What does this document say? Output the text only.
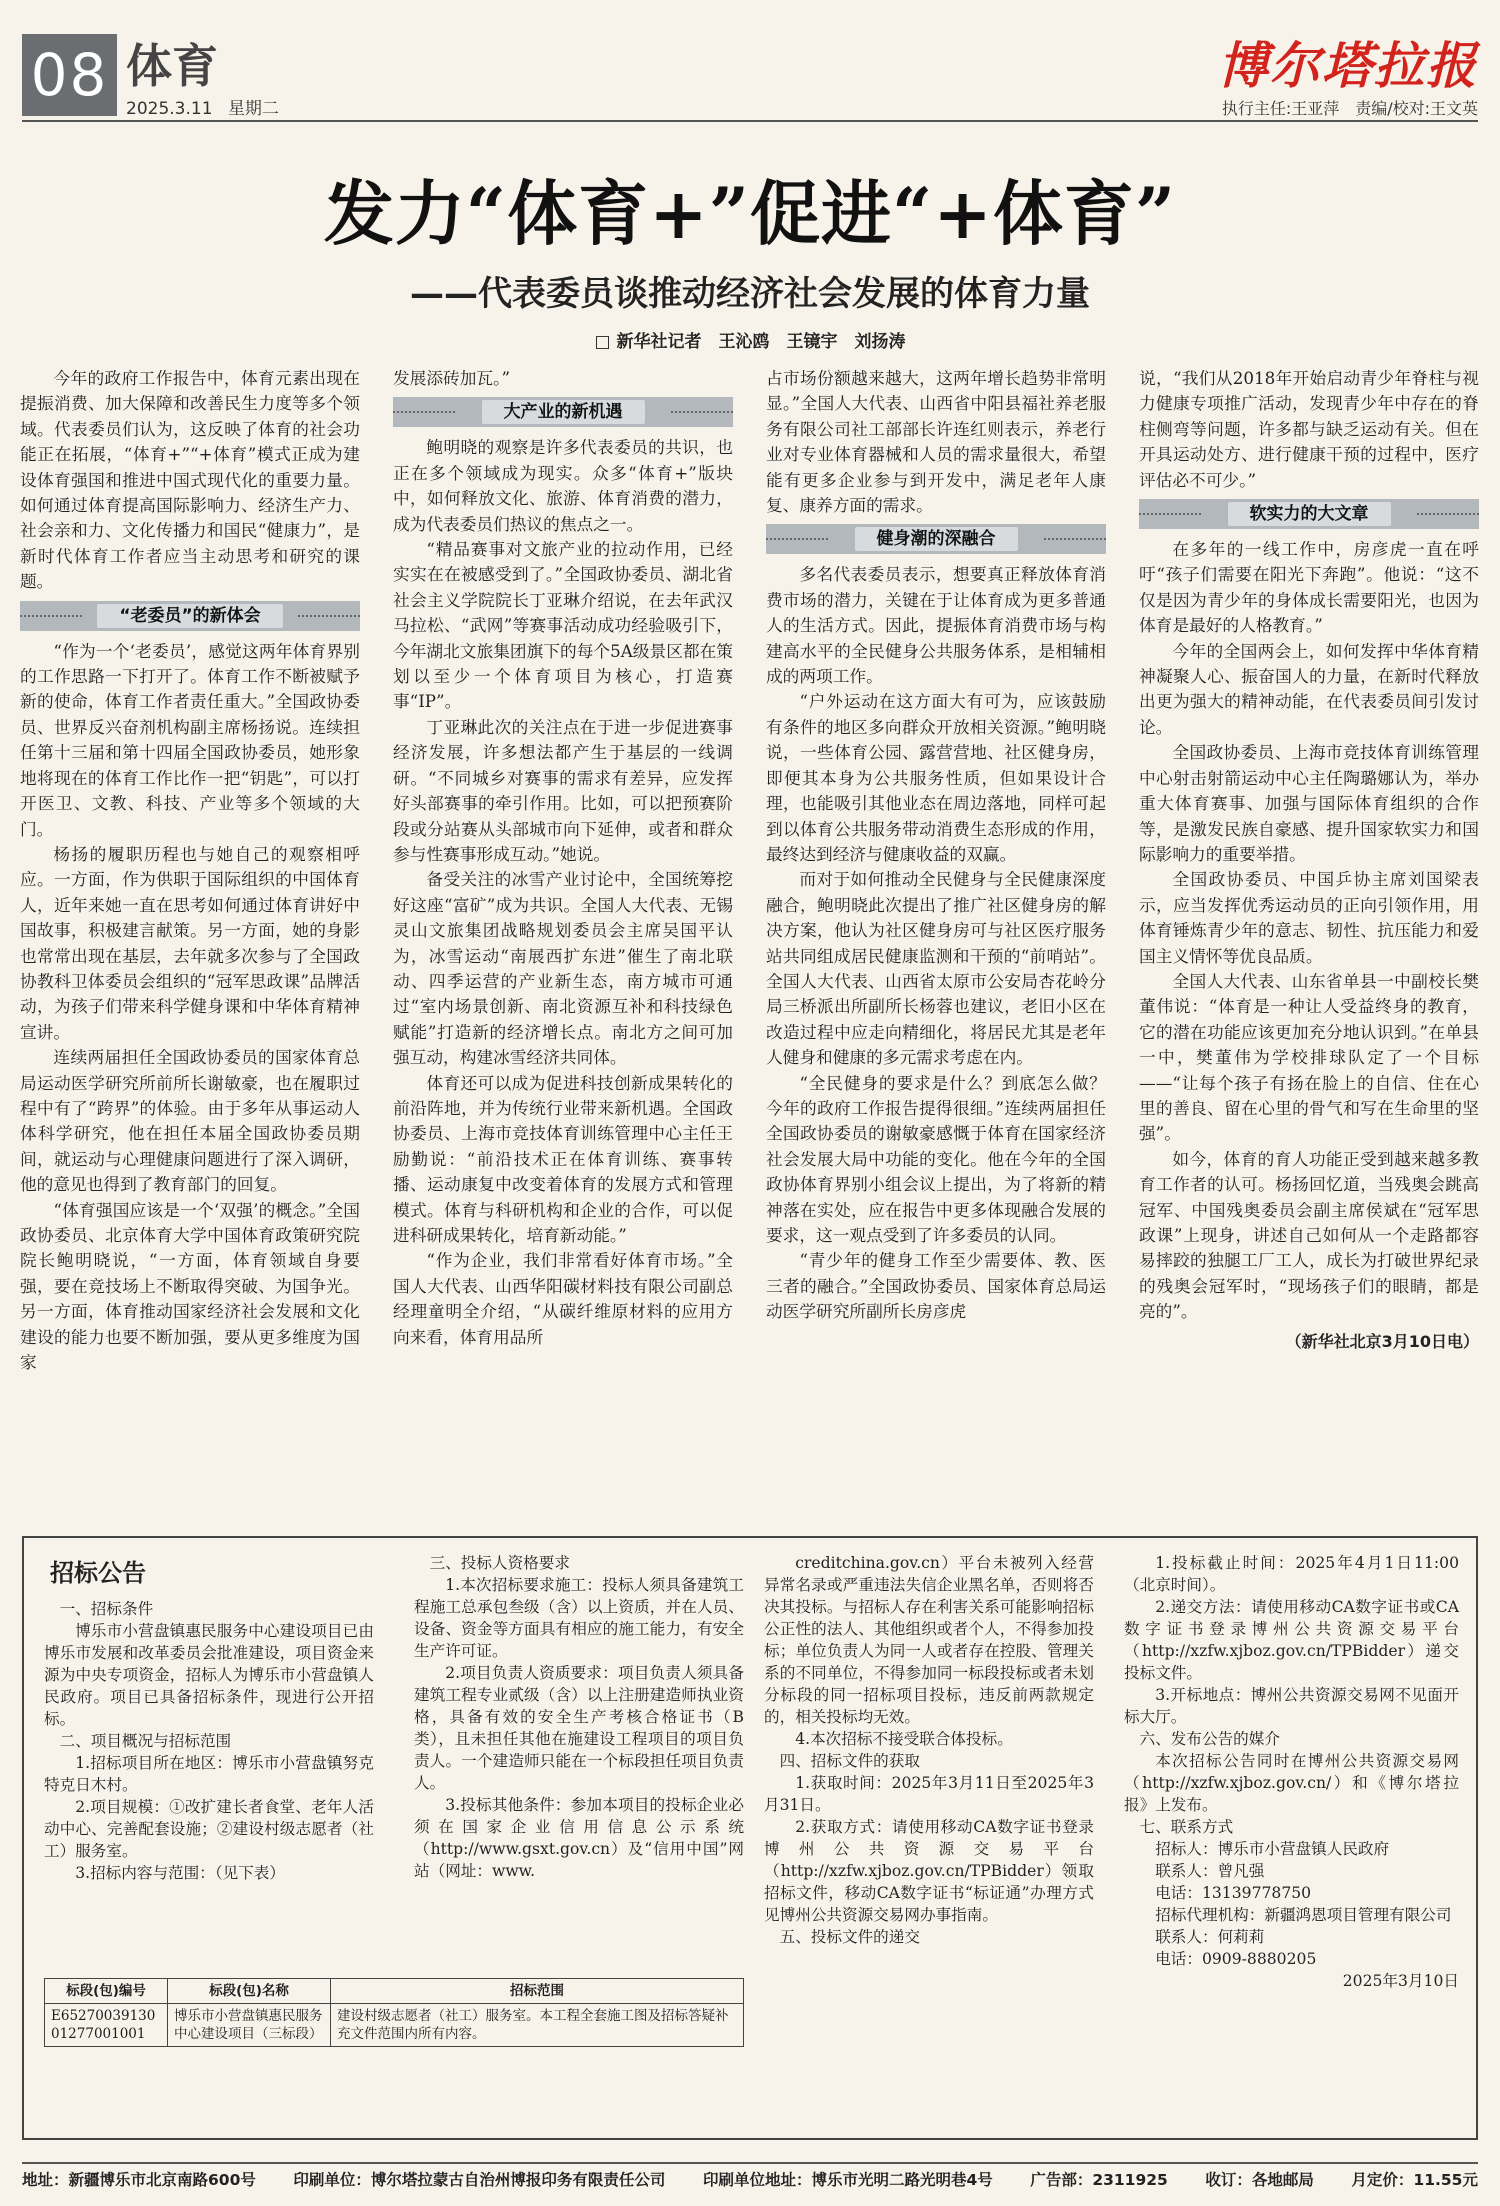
08 体育
2025.3.11 星期二
博尔塔拉报
执行主任:王亚萍　责编/校对:王文英
发力“体育+”促进“+体育”
——代表委员谈推动经济社会发展的体育力量
□ 新华社记者　王沁鸥　王镜宇　刘扬涛

今年的政府工作报告中，体育元素出现在提振消费、加大保障和改善民生力度等多个领域。代表委员们认为，这反映了体育的社会功能正在拓展，“体育+”“+体育”模式正成为建设体育强国和推进中国式现代化的重要力量。如何通过体育提高国际影响力、经济生产力、社会亲和力、文化传播力和国民“健康力”，是新时代体育工作者应当主动思考和研究的课题。

“老委员”的新体会

“作为一个‘老委员’，感觉这两年体育界别的工作思路一下打开了。体育工作不断被赋予新的使命，体育工作者责任重大。”全国政协委员、世界反兴奋剂机构副主席杨扬说。连续担任第十三届和第十四届全国政协委员，她形象地将现在的体育工作比作一把“钥匙”，可以打开医卫、文教、科技、产业等多个领域的大门。

杨扬的履职历程也与她自己的观察相呼应。一方面，作为供职于国际组织的中国体育人，近年来她一直在思考如何通过体育讲好中国故事，积极建言献策。另一方面，她的身影也常常出现在基层，去年就多次参与了全国政协教科卫体委员会组织的“冠军思政课”品牌活动，为孩子们带来科学健身课和中华体育精神宣讲。

连续两届担任全国政协委员的国家体育总局运动医学研究所前所长谢敏豪，也在履职过程中有了“跨界”的体验。由于多年从事运动人体科学研究，他在担任本届全国政协委员期间，就运动与心理健康问题进行了深入调研，他的意见也得到了教育部门的回复。

“体育强国应该是一个‘双强’的概念。”全国政协委员、北京体育大学中国体育政策研究院院长鲍明晓说，“一方面，体育领域自身要强，要在竞技场上不断取得突破、为国争光。另一方面，体育推动国家经济社会发展和文化建设的能力也要不断加强，要从更多维度为国家

发展添砖加瓦。”

大产业的新机遇

鲍明晓的观察是许多代表委员的共识，也正在多个领域成为现实。众多“体育+”版块中，如何释放文化、旅游、体育消费的潜力，成为代表委员们热议的焦点之一。

“精品赛事对文旅产业的拉动作用，已经实实在在被感受到了。”全国政协委员、湖北省社会主义学院院长丁亚琳介绍说，在去年武汉马拉松、“武网”等赛事活动成功经验吸引下，今年湖北文旅集团旗下的每个5A级景区都在策划以至少一个体育项目为核心，打造赛事“IP”。

丁亚琳此次的关注点在于进一步促进赛事经济发展，许多想法都产生于基层的一线调研。“不同城乡对赛事的需求有差异，应发挥好头部赛事的牵引作用。比如，可以把预赛阶段或分站赛从头部城市向下延伸，或者和群众参与性赛事形成互动。”她说。

备受关注的冰雪产业讨论中，全国统筹挖好这座“富矿”成为共识。全国人大代表、无锡灵山文旅集团战略规划委员会主席吴国平认为，冰雪运动“南展西扩东进”催生了南北联动、四季运营的产业新生态，南方城市可通过“室内场景创新、南北资源互补和科技绿色赋能”打造新的经济增长点。南北方之间可加强互动，构建冰雪经济共同体。

体育还可以成为促进科技创新成果转化的前沿阵地，并为传统行业带来新机遇。全国政协委员、上海市竞技体育训练管理中心主任王励勤说：“前沿技术正在体育训练、赛事转播、运动康复中改变着体育的发展方式和管理模式。体育与科研机构和企业的合作，可以促进科研成果转化，培育新动能。”

“作为企业，我们非常看好体育市场。”全国人大代表、山西华阳碳材料技有限公司副总经理童明全介绍，“从碳纤维原材料的应用方向来看，体育用品所

占市场份额越来越大，这两年增长趋势非常明显。”全国人大代表、山西省中阳县福社养老服务有限公司社工部部长许连红则表示，养老行业对专业体育器械和人员的需求量很大，希望能有更多企业参与到开发中，满足老年人康复、康养方面的需求。

健身潮的深融合

多名代表委员表示，想要真正释放体育消费市场的潜力，关键在于让体育成为更多普通人的生活方式。因此，提振体育消费市场与构建高水平的全民健身公共服务体系，是相辅相成的两项工作。

“户外运动在这方面大有可为，应该鼓励有条件的地区多向群众开放相关资源。”鲍明晓说，一些体育公园、露营营地、社区健身房，即便其本身为公共服务性质，但如果设计合理，也能吸引其他业态在周边落地，同样可起到以体育公共服务带动消费生态形成的作用，最终达到经济与健康收益的双赢。

而对于如何推动全民健身与全民健康深度融合，鲍明晓此次提出了推广社区健身房的解决方案，他认为社区健身房可与社区医疗服务站共同组成居民健康监测和干预的“前哨站”。全国人大代表、山西省太原市公安局杏花岭分局三桥派出所副所长杨蓉也建议，老旧小区在改造过程中应走向精细化，将居民尤其是老年人健身和健康的多元需求考虑在内。

“全民健身的要求是什么？到底怎么做？今年的政府工作报告提得很细。”连续两届担任全国政协委员的谢敏豪感慨于体育在国家经济社会发展大局中功能的变化。他在今年的全国政协体育界别小组会议上提出，为了将新的精神落在实处，应在报告中更多体现融合发展的要求，这一观点受到了许多委员的认同。

“青少年的健身工作至少需要体、教、医三者的融合。”全国政协委员、国家体育总局运动医学研究所副所长房彦虎

说，“我们从2018年开始启动青少年脊柱与视力健康专项推广活动，发现青少年中存在的脊柱侧弯等问题，许多都与缺乏运动有关。但在开具运动处方、进行健康干预的过程中，医疗评估必不可少。”

软实力的大文章

在多年的一线工作中，房彦虎一直在呼吁“孩子们需要在阳光下奔跑”。他说：“这不仅是因为青少年的身体成长需要阳光，也因为体育是最好的人格教育。”

今年的全国两会上，如何发挥中华体育精神凝聚人心、振奋国人的力量，在新时代释放出更为强大的精神动能，在代表委员间引发讨论。

全国政协委员、上海市竞技体育训练管理中心射击射箭运动中心主任陶璐娜认为，举办重大体育赛事、加强与国际体育组织的合作等，是激发民族自豪感、提升国家软实力和国际影响力的重要举措。

全国政协委员、中国乒协主席刘国梁表示，应当发挥优秀运动员的正向引领作用，用体育锤炼青少年的意志、韧性、抗压能力和爱国主义情怀等优良品质。

全国人大代表、山东省单县一中副校长樊董伟说：“体育是一种让人受益终身的教育，它的潜在功能应该更加充分地认识到。”在单县一中，樊董伟为学校排球队定了一个目标——“让每个孩子有扬在脸上的自信、住在心里的善良、留在心里的骨气和写在生命里的坚强”。

如今，体育的育人功能正受到越来越多教育工作者的认可。杨扬回忆道，当残奥会跳高冠军、中国残奥委员会副主席侯斌在“冠军思政课”上现身，讲述自己如何从一个走路都容易摔跤的独腿工厂工人，成长为打破世界纪录的残奥会冠军时，“现场孩子们的眼睛，都是亮的”。

（新华社北京3月10日电）

招标公告

一、招标条件

博乐市小营盘镇惠民服务中心建设项目已由博乐市发展和改革委员会批准建设，项目资金来源为中央专项资金，招标人为博乐市小营盘镇人民政府。项目已具备招标条件，现进行公开招标。

二、项目概况与招标范围

1.招标项目所在地区：博乐市小营盘镇努克特克日木村。

2.项目规模：①改扩建长者食堂、老年人活动中心、完善配套设施；②建设村级志愿者（社工）服务室。

3.招标内容与范围：（见下表）

三、投标人资格要求

1.本次招标要求施工：投标人须具备建筑工程施工总承包叁级（含）以上资质，并在人员、设备、资金等方面具有相应的施工能力，有安全生产许可证。

2.项目负责人资质要求：项目负责人须具备建筑工程专业贰级（含）以上注册建造师执业资格，具备有效的安全生产考核合格证书（B类），且未担任其他在施建设工程项目的项目负责人。一个建造师只能在一个标段担任项目负责人。

3.投标其他条件：参加本项目的投标企业必须在国家企业信用信息公示系统（http://www.gsxt.gov.cn）及“信用中国”网站（网址：www.

creditchina.gov.cn）平台未被列入经营异常名录或严重违法失信企业黑名单，否则将否决其投标。与招标人存在利害关系可能影响招标公正性的法人、其他组织或者个人，不得参加投标；单位负责人为同一人或者存在控股、管理关系的不同单位，不得参加同一标段投标或者未划分标段的同一招标项目投标，违反前两款规定的，相关投标均无效。

4.本次招标不接受联合体投标。

四、招标文件的获取

1.获取时间：2025年3月11日至2025年3月31日。

2.获取方式：请使用移动CA数字证书登录博州公共资源交易平台（http://xzfw.xjboz.gov.cn/TPBidder）领取招标文件，移动CA数字证书“标证通”办理方式见博州公共资源交易网办事指南。

五、投标文件的递交

1.投标截止时间：2025年4月1日11:00（北京时间）。

2.递交方法：请使用移动CA数字证书或CA数字证书登录博州公共资源交易平台（http://xzfw.xjboz.gov.cn/TPBidder）递交投标文件。

3.开标地点：博州公共资源交易网不见面开标大厅。

六、发布公告的媒介

本次招标公告同时在博州公共资源交易网（http://xzfw.xjboz.gov.cn/）和《博尔塔拉报》上发布。

七、联系方式

招标人：博乐市小营盘镇人民政府

联系人：曾凡强

电话：13139778750

招标代理机构：新疆鸿恩项目管理有限公司

联系人：何莉莉

电话：0909-8880205

2025年3月10日

标段(包)编号	标段(包)名称	招标范围
E6527003913001277001001	博乐市小营盘镇惠民服务中心建设项目（三标段）	建设村级志愿者（社工）服务室。本工程全套施工图及招标答疑补充文件范围内所有内容。
地址：新疆博乐市北京南路600号 印刷单位：博尔塔拉蒙古自治州博报印务有限责任公司 印刷单位地址：博乐市光明二路光明巷4号 广告部：2311925 收订：各地邮局 月定价：11.55元
